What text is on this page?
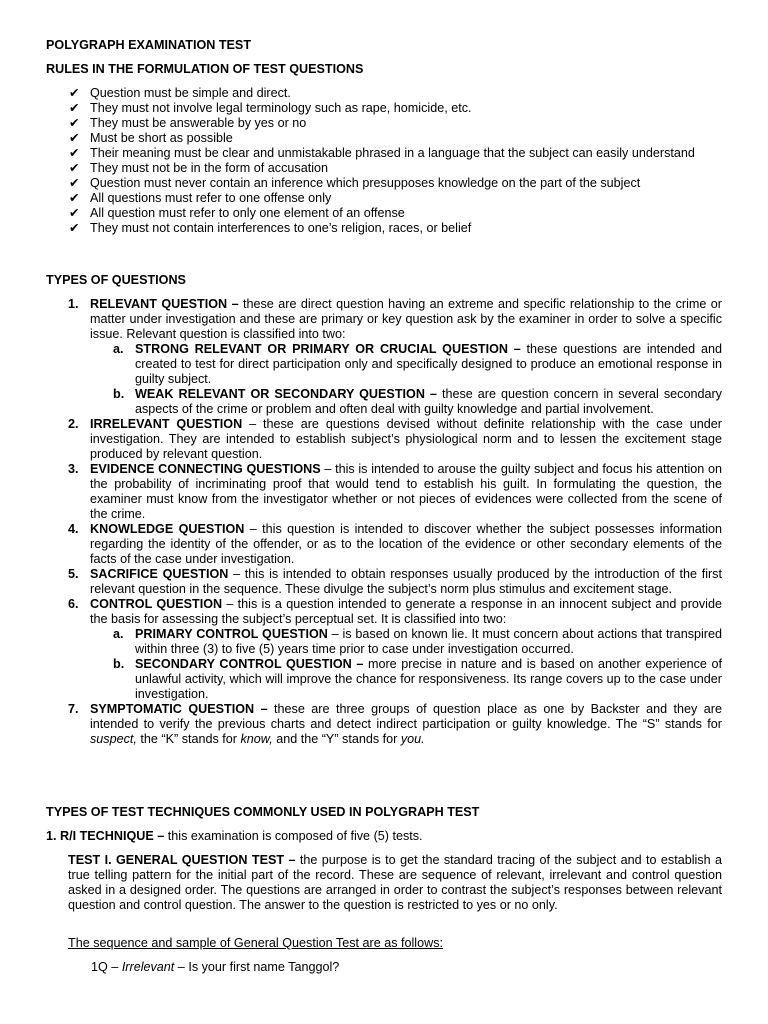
POLYGRAPH EXAMINATION TEST

RULES IN THE FORMULATION OF TEST QUESTIONS

✔ Question must be simple and direct.
✔ They must not involve legal terminology such as rape, homicide, etc.
✔ They must be answerable by yes or no
✔ Must be short as possible
✔ Their meaning must be clear and unmistakable phrased in a language that the subject can easily understand
✔ They must not be in the form of accusation
✔ Question must never contain an inference which presupposes knowledge on the part of the subject
✔ All questions must refer to one offense only
✔ All question must refer to only one element of an offense
✔ They must not contain interferences to one’s religion, races, or belief

TYPES OF QUESTIONS

1. RELEVANT QUESTION – these are direct question having an extreme and specific relationship to the crime or matter under investigation and these are primary or key question ask by the examiner in order to solve a specific issue. Relevant question is classified into two:
a. STRONG RELEVANT OR PRIMARY OR CRUCIAL QUESTION – these questions are intended and created to test for direct participation only and specifically designed to produce an emotional response in guilty subject.
b. WEAK RELEVANT OR SECONDARY QUESTION – these are question concern in several secondary aspects of the crime or problem and often deal with guilty knowledge and partial involvement.
2. IRRELEVANT QUESTION – these are questions devised without definite relationship with the case under investigation. They are intended to establish subject’s physiological norm and to lessen the excitement stage produced by relevant question.
3. EVIDENCE CONNECTING QUESTIONS – this is intended to arouse the guilty subject and focus his attention on the probability of incriminating proof that would tend to establish his guilt. In formulating the question, the examiner must know from the investigator whether or not pieces of evidences were collected from the scene of the crime.
4. KNOWLEDGE QUESTION – this question is intended to discover whether the subject possesses information regarding the identity of the offender, or as to the location of the evidence or other secondary elements of the facts of the case under investigation.
5. SACRIFICE QUESTION – this is intended to obtain responses usually produced by the introduction of the first relevant question in the sequence. These divulge the subject’s norm plus stimulus and excitement stage.
6. CONTROL QUESTION – this is a question intended to generate a response in an innocent subject and provide the basis for assessing the subject’s perceptual set. It is classified into two:
a. PRIMARY CONTROL QUESTION – is based on known lie. It must concern about actions that transpired within three (3) to five (5) years time prior to case under investigation occurred.
b. SECONDARY CONTROL QUESTION – more precise in nature and is based on another experience of unlawful activity, which will improve the chance for responsiveness. Its range covers up to the case under investigation.
7. SYMPTOMATIC QUESTION – these are three groups of question place as one by Backster and they are intended to verify the previous charts and detect indirect participation or guilty knowledge. The “S” stands for suspect, the “K” stands for know, and the “Y” stands for you.

TYPES OF TEST TECHNIQUES COMMONLY USED IN POLYGRAPH TEST

1. R/I TECHNIQUE – this examination is composed of five (5) tests.

TEST I. GENERAL QUESTION TEST – the purpose is to get the standard tracing of the subject and to establish a true telling pattern for the initial part of the record. These are sequence of relevant, irrelevant and control question asked in a designed order. The questions are arranged in order to contrast the subject’s responses between relevant question and control question. The answer to the question is restricted to yes or no only.

The sequence and sample of General Question Test are as follows:

1Q – Irrelevant – Is your first name Tanggol?
